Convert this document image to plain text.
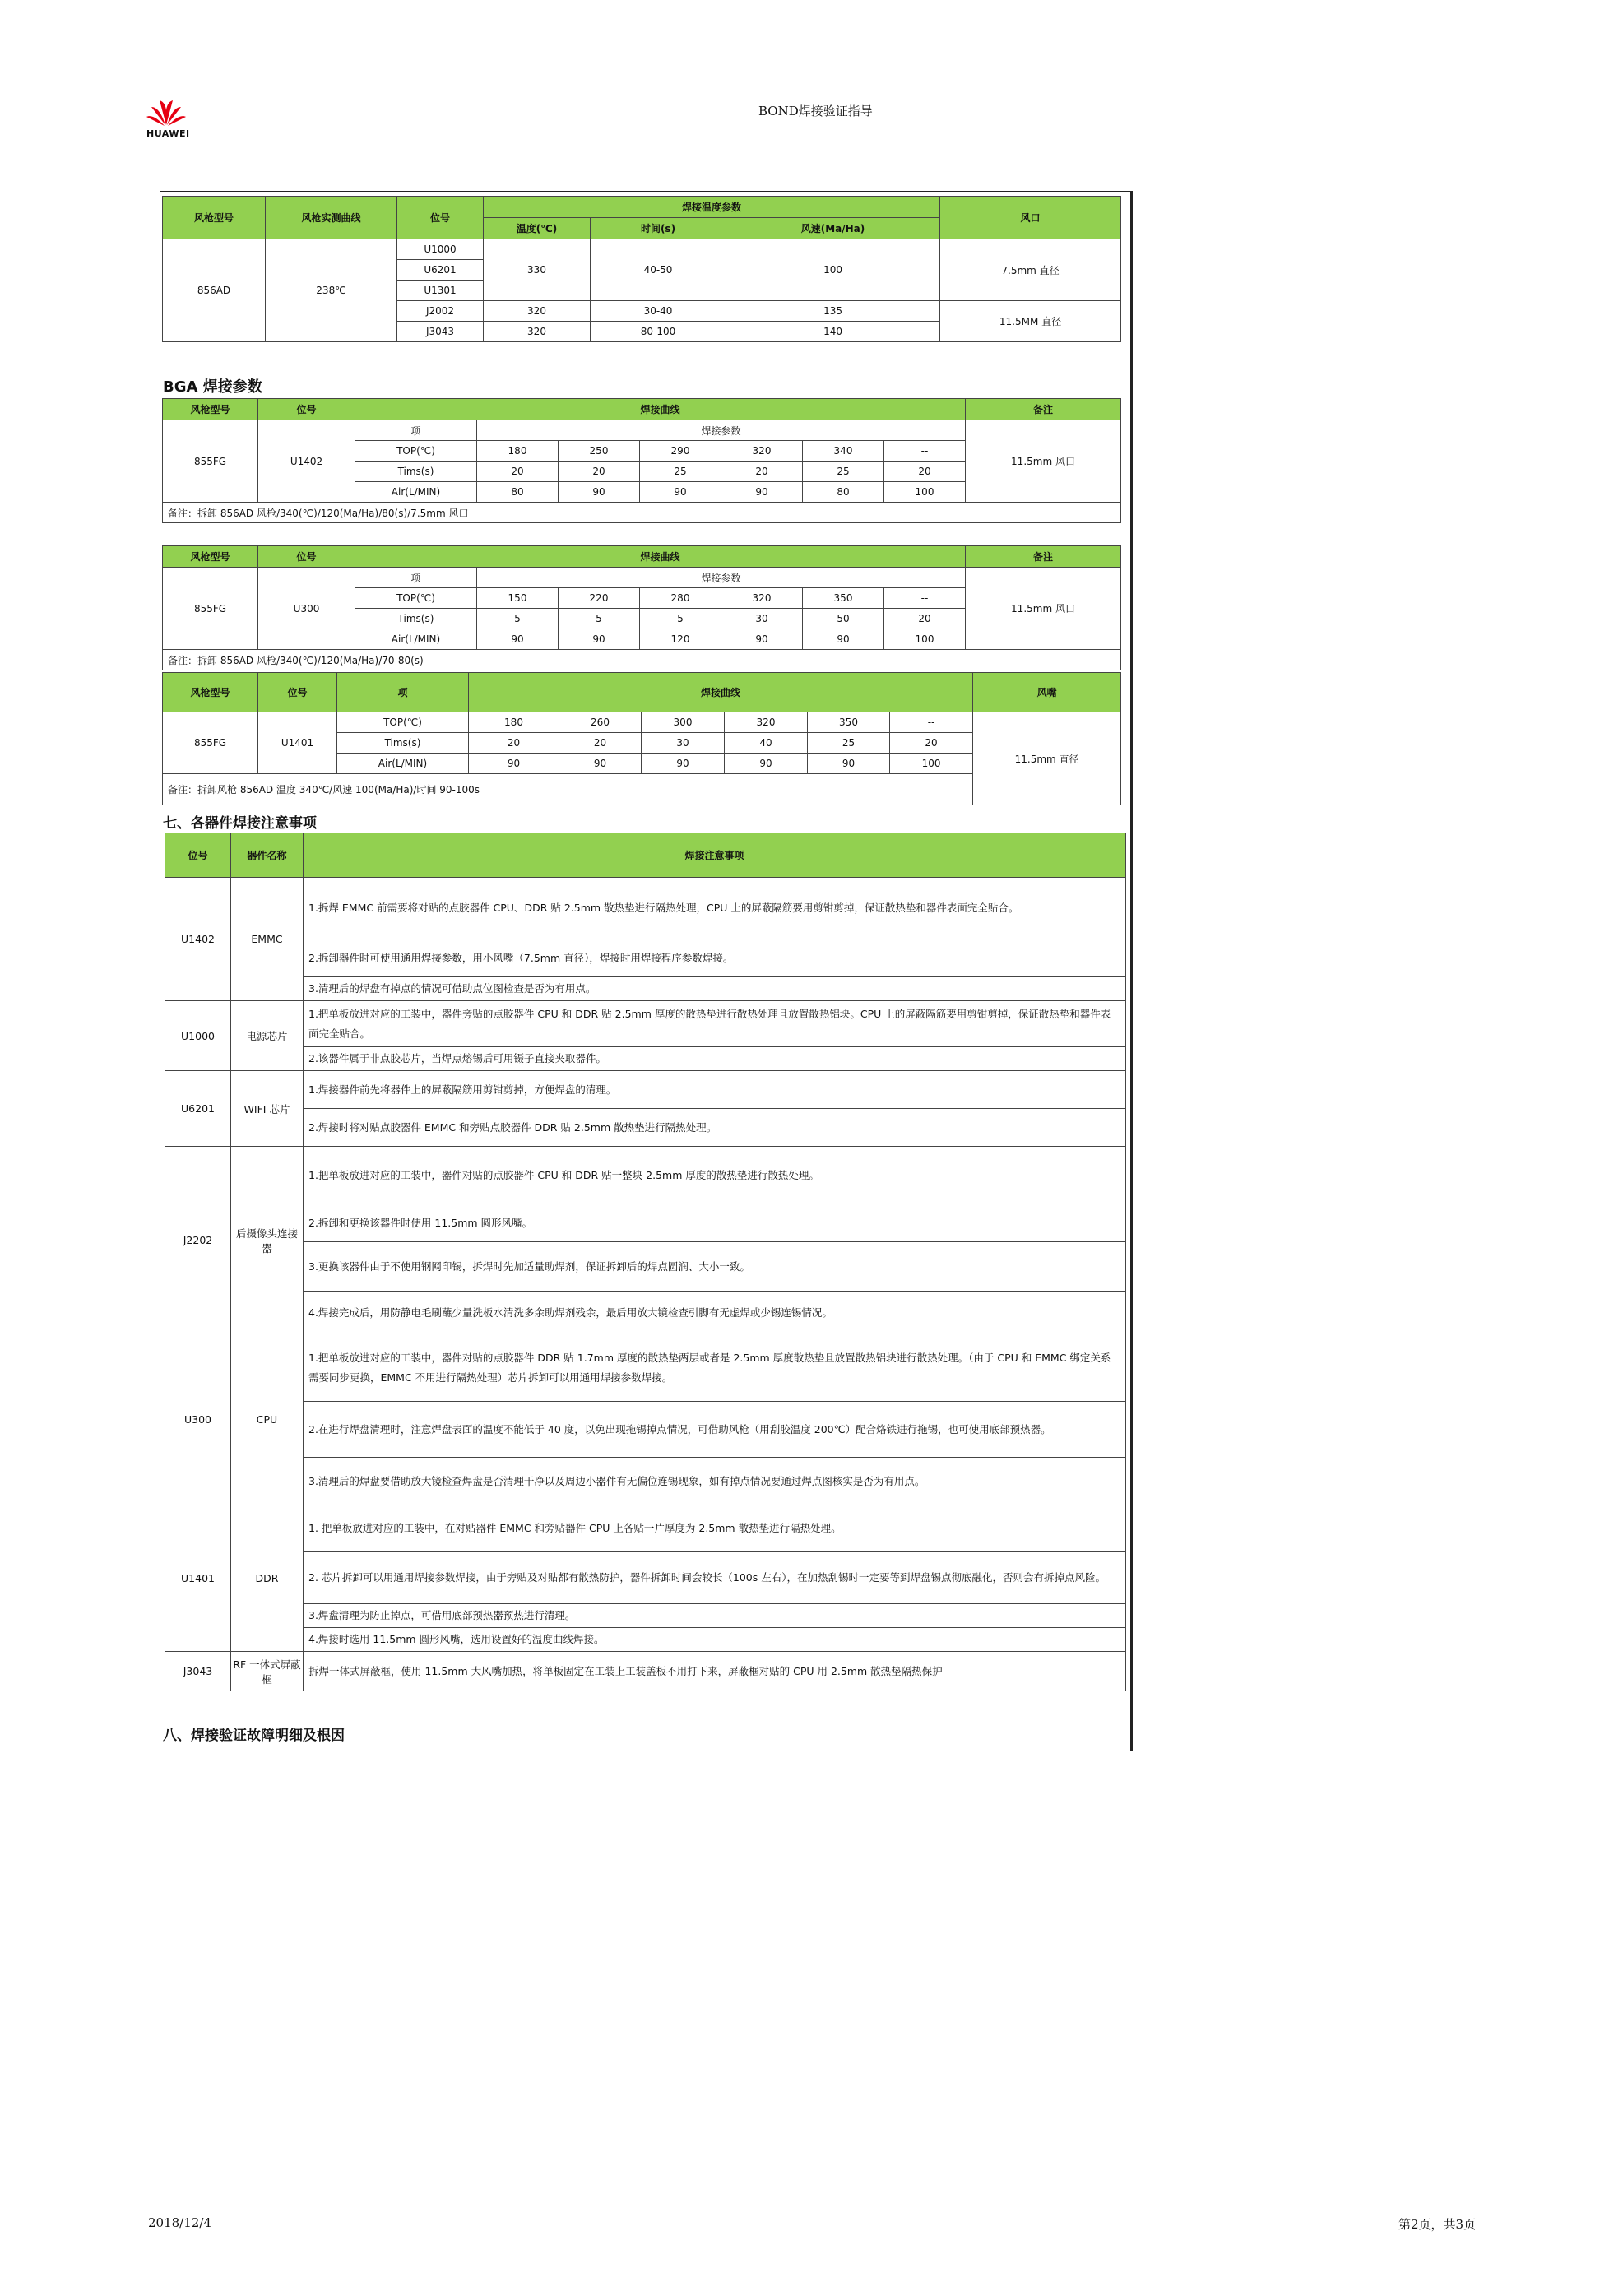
HUAWEI
BOND焊接验证指导
风枪型号	风枪实测曲线	位号	焊接温度参数			风口
			温度(℃)	时间(s)	风速(Ma/Ha)	
856AD	238℃	U1000	330	40-50	100	7.5mm 直径
		U6201				
		U1301				
		J2002	320	30-40	135	11.5MM 直径
		J3043	320	80-100	140	
BGA 焊接参数
风枪型号	位号	焊接曲线							备注
855FG	U1402	项	焊接参数						11.5mm 风口
		TOP(℃)	180	250	290	320	340	--	
		Tims(s)	20	20	25	20	25	20	
		Air(L/MIN)	80	90	90	90	80	100	
备注：拆卸 856AD 风枪/340(℃)/120(Ma/Ha)/80(s)/7.5mm 风口									
风枪型号	位号	焊接曲线							备注
855FG	U300	项	焊接参数						11.5mm 风口
		TOP(℃)	150	220	280	320	350	--	
		Tims(s)	5	5	5	30	50	20	
		Air(L/MIN)	90	90	120	90	90	100	
备注：拆卸 856AD 风枪/340(℃)/120(Ma/Ha)/70-80(s)									
风枪型号	位号	项	焊接曲线						风嘴
855FG	U1401	TOP(℃)	180	260	300	320	350	--	11.5mm 直径
		Tims(s)	20	20	30	40	25	20	
		Air(L/MIN)	90	90	90	90	90	100	
备注：拆卸风枪 856AD 温度 340℃/风速 100(Ma/Ha)/时间 90-100s									
七、各器件焊接注意事项
位号	器件名称	焊接注意事项
U1402	EMMC	1.拆焊 EMMC 前需要将对贴的点胶器件 CPU、DDR 贴 2.5mm 散热垫进行隔热处理，CPU 上的屏蔽隔筋要用剪钳剪掉，保证散热垫和器件表面完全贴合。
		2.拆卸器件时可使用通用焊接参数，用小风嘴（7.5mm 直径），焊接时用焊接程序参数焊接。
		3.清理后的焊盘有掉点的情况可借助点位图检查是否为有用点。
U1000	电源芯片	1.把单板放进对应的工装中，器件旁贴的点胶器件 CPU 和 DDR 贴 2.5mm 厚度的散热垫进行散热处理且放置散热铝块。CPU 上的屏蔽隔筋要用剪钳剪掉，保证散热垫和器件表面完全贴合。
		2.该器件属于非点胶芯片，当焊点熔锡后可用镊子直接夹取器件。
U6201	WIFI 芯片	1.焊接器件前先将器件上的屏蔽隔筋用剪钳剪掉，方便焊盘的清理。
		2.焊接时将对贴点胶器件 EMMC 和旁贴点胶器件 DDR 贴 2.5mm 散热垫进行隔热处理。
J2202	后摄像头连接器	1.把单板放进对应的工装中，器件对贴的点胶器件 CPU 和 DDR 贴一整块 2.5mm 厚度的散热垫进行散热处理。
		2.拆卸和更换该器件时使用 11.5mm 圆形风嘴。
		3.更换该器件由于不使用钢网印锡，拆焊时先加适量助焊剂，保证拆卸后的焊点圆润、大小一致。
		4.焊接完成后，用防静电毛刷蘸少量洗板水清洗多余助焊剂残余，最后用放大镜检查引脚有无虚焊或少锡连锡情况。
U300	CPU	1.把单板放进对应的工装中，器件对贴的点胶器件 DDR 贴 1.7mm 厚度的散热垫两层或者是 2.5mm 厚度散热垫且放置散热铝块进行散热处理。（由于 CPU 和 EMMC 绑定关系需要同步更换，EMMC 不用进行隔热处理）芯片拆卸可以用通用焊接参数焊接。
		2.在进行焊盘清理时，注意焊盘表面的温度不能低于 40 度，以免出现拖锡掉点情况，可借助风枪（用刮胶温度 200℃）配合烙铁进行拖锡，也可使用底部预热器。
		3.清理后的焊盘要借助放大镜检查焊盘是否清理干净以及周边小器件有无偏位连锡现象，如有掉点情况要通过焊点图核实是否为有用点。
U1401	DDR	1. 把单板放进对应的工装中，在对贴器件 EMMC 和旁贴器件 CPU 上各贴一片厚度为 2.5mm 散热垫进行隔热处理。
		2. 芯片拆卸可以用通用焊接参数焊接，由于旁贴及对贴都有散热防护，器件拆卸时间会较长（100s 左右），在加热刮锡时一定要等到焊盘锡点彻底融化，否则会有拆掉点风险。
		3.焊盘清理为防止掉点，可借用底部预热器预热进行清理。
		4.焊接时选用 11.5mm 圆形风嘴，选用设置好的温度曲线焊接。
J3043	RF 一体式屏蔽框	拆焊一体式屏蔽框，使用 11.5mm 大风嘴加热，将单板固定在工装上工装盖板不用打下来，屏蔽框对贴的 CPU 用 2.5mm 散热垫隔热保护
八、焊接验证故障明细及根因
2018/12/4	第2页，共3页
